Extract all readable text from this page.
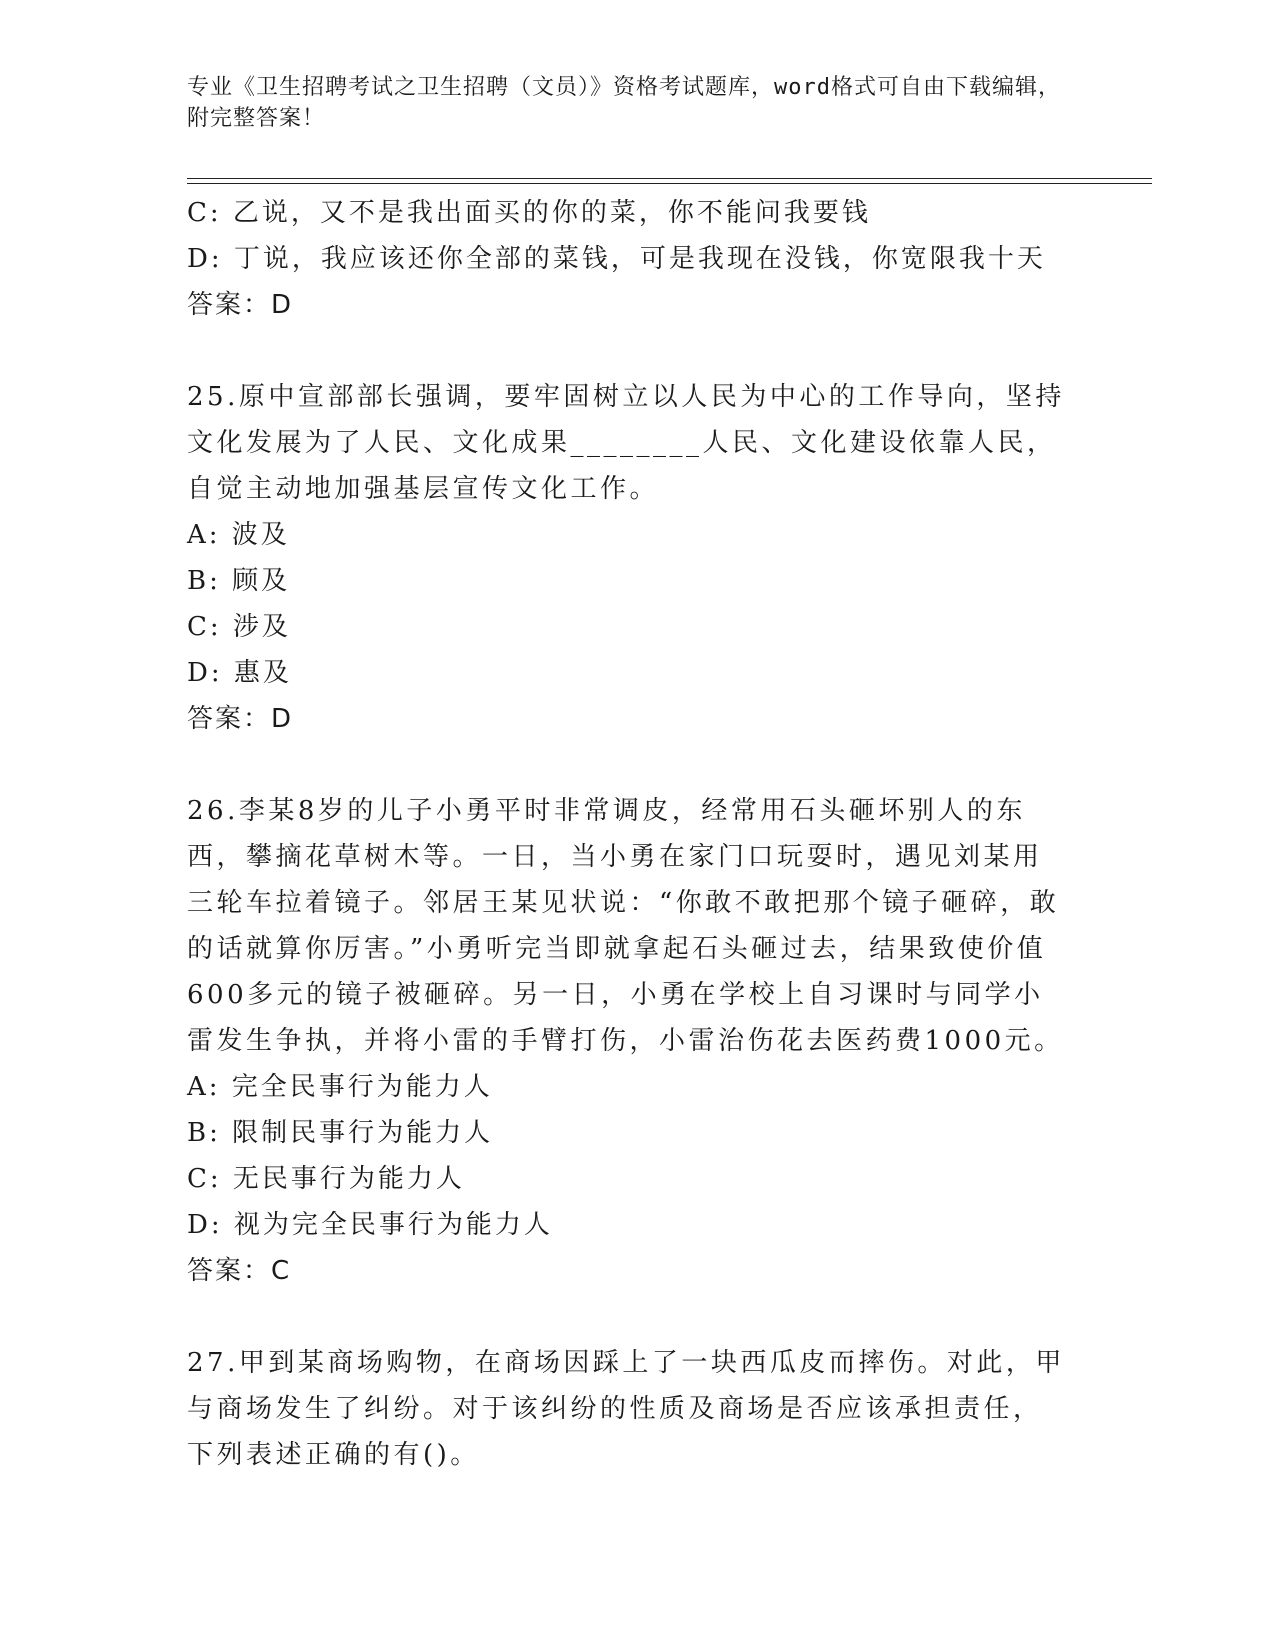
专业《卫生招聘考试之卫生招聘（文员）》资格考试题库，word格式可自由下载编辑，附完整答案！
C: 乙说，又不是我出面买的你的菜，你不能问我要钱
D: 丁说，我应该还你全部的菜钱，可是我现在没钱，你宽限我十天
答案：D
25.原中宣部部长强调，要牢固树立以人民为中心的工作导向，坚持文化发展为了人民、文化成果________人民、文化建设依靠人民，自觉主动地加强基层宣传文化工作。
A: 波及
B: 顾及
C: 涉及
D: 惠及
答案：D
26.李某8岁的儿子小勇平时非常调皮，经常用石头砸坏别人的东西，攀摘花草树木等。一日，当小勇在家门口玩耍时，遇见刘某用三轮车拉着镜子。邻居王某见状说：“你敢不敢把那个镜子砸碎，敢的话就算你厉害。”小勇听完当即就拿起石头砸过去，结果致使价值600多元的镜子被砸碎。另一日，小勇在学校上自习课时与同学小雷发生争执，并将小雷的手臂打伤，小雷治伤花去医药费1000元。
A: 完全民事行为能力人
B: 限制民事行为能力人
C: 无民事行为能力人
D: 视为完全民事行为能力人
答案：C
27.甲到某商场购物，在商场因踩上了一块西瓜皮而摔伤。对此，甲与商场发生了纠纷。对于该纠纷的性质及商场是否应该承担责任，下列表述正确的有()。
